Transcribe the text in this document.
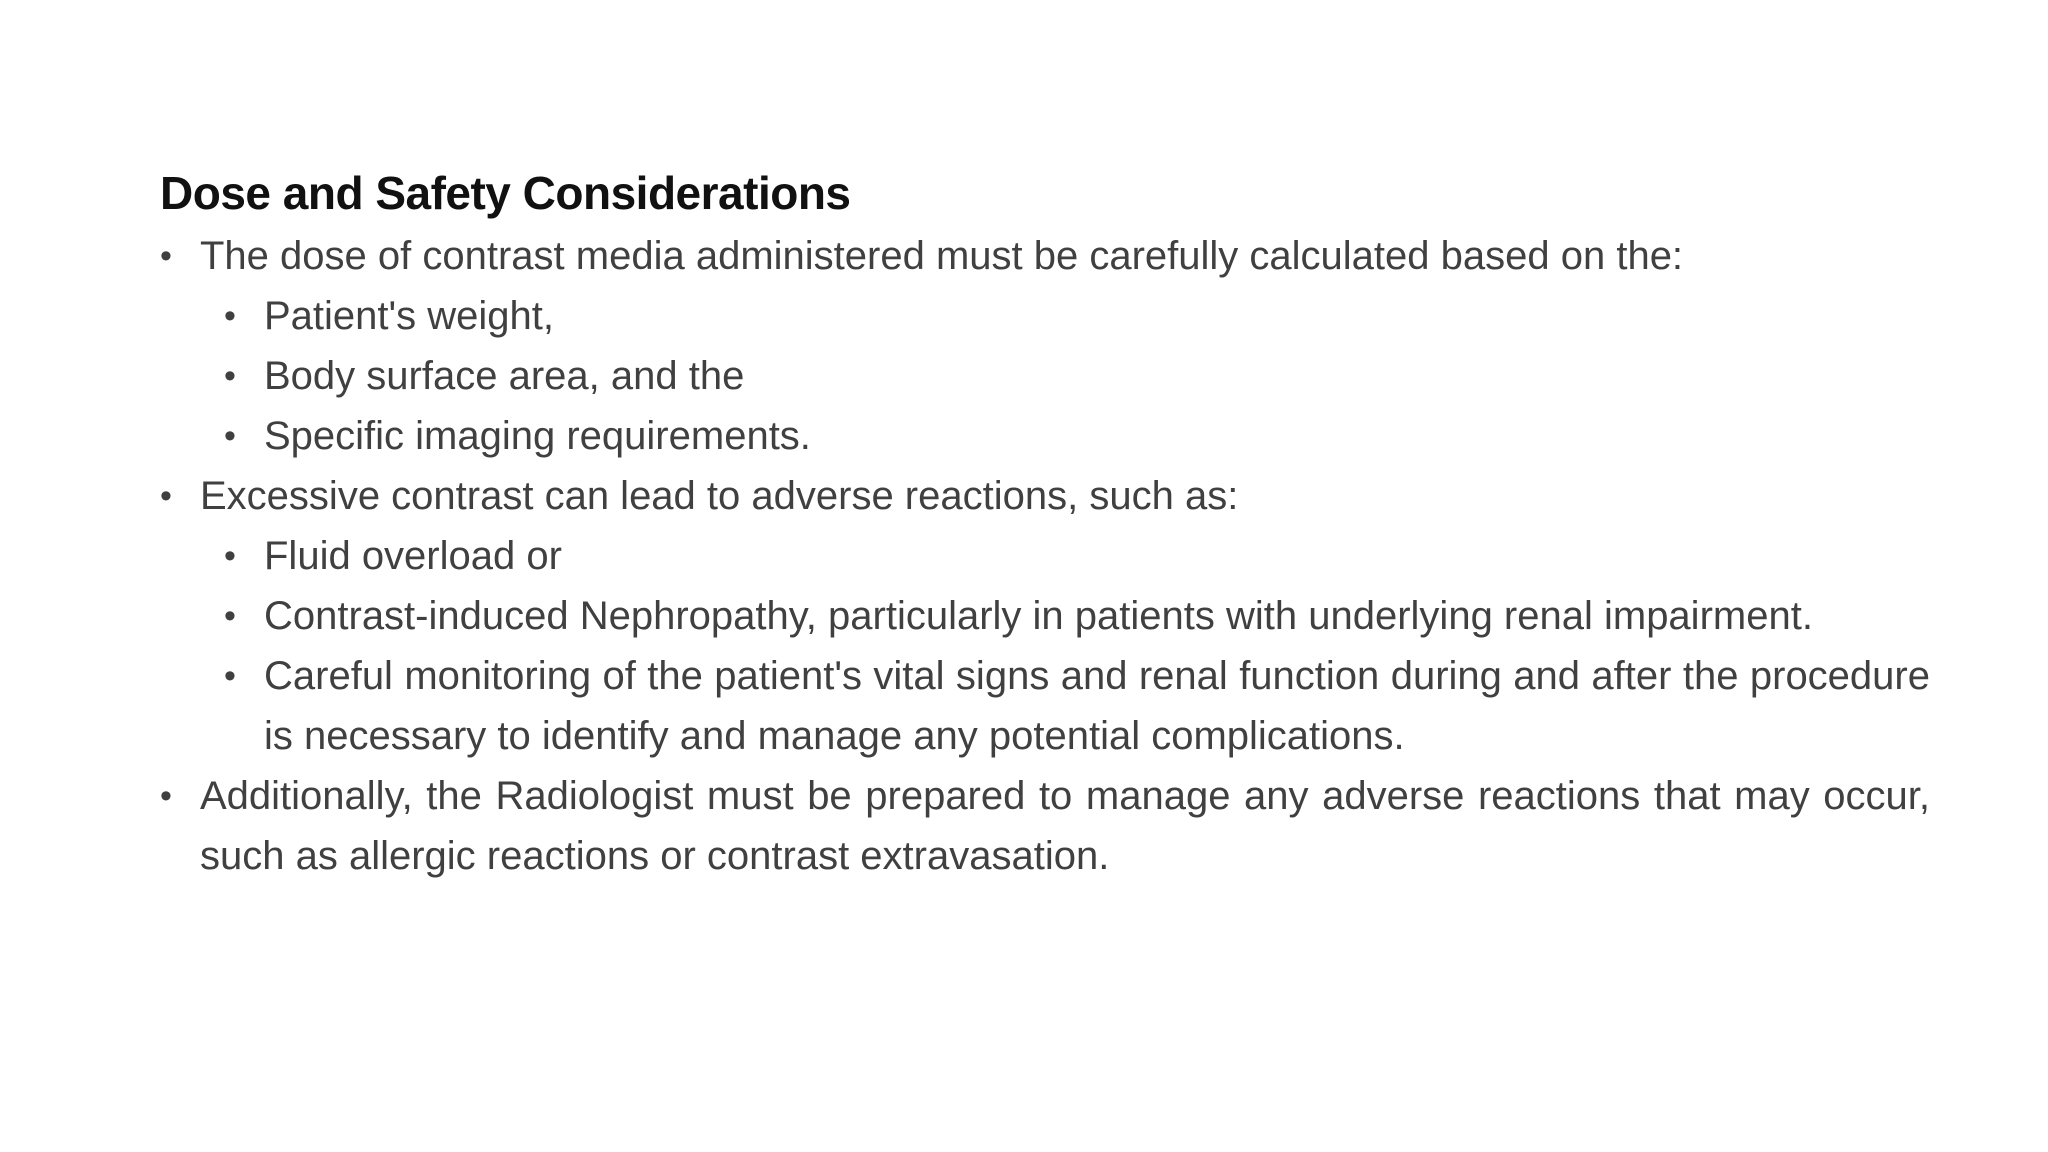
Dose and Safety Considerations
• The dose of contrast media administered must be carefully calculated based on the:
• Patient's weight,
• Body surface area, and the
• Specific imaging requirements.
• Excessive contrast can lead to adverse reactions, such as:
• Fluid overload or
• Contrast-induced Nephropathy, particularly in patients with underlying renal impairment.
• Careful monitoring of the patient's vital signs and renal function during and after the procedure is necessary to identify and manage any potential complications.
• Additionally, the Radiologist must be prepared to manage any adverse reactions that may occur, such as allergic reactions or contrast extravasation.
